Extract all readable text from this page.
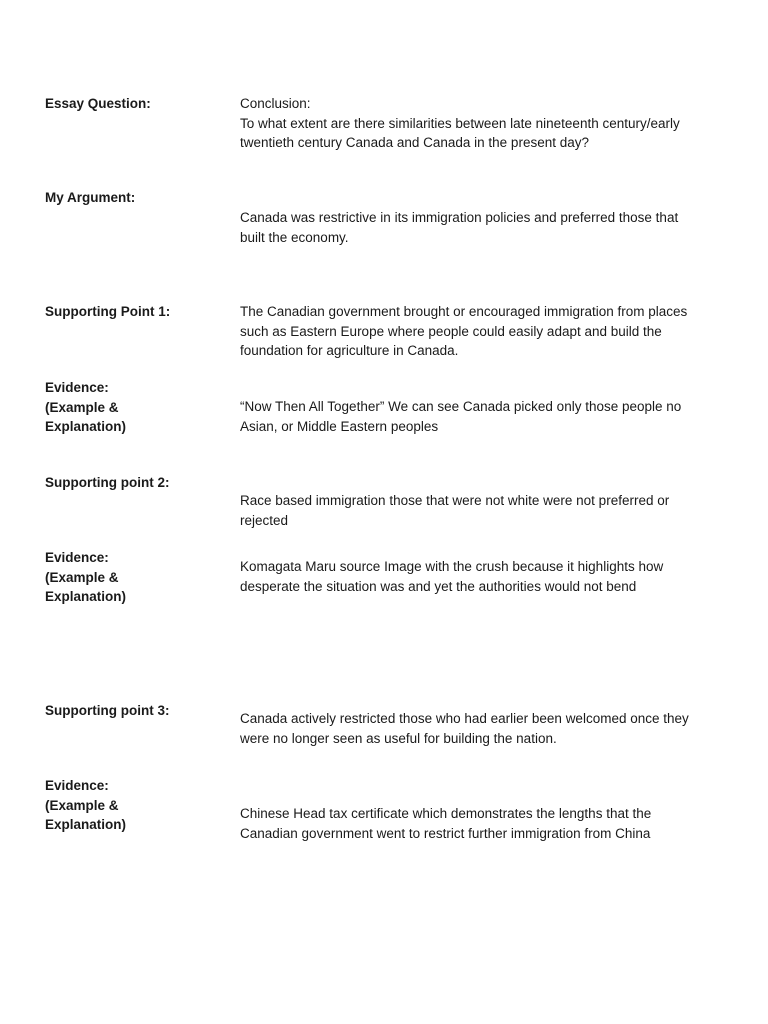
Essay Question:	Conclusion:
To what extent are there similarities between late nineteenth century/early twentieth century Canada and Canada in the present day?
My Argument:
Canada was restrictive in its immigration policies and preferred those that built the economy.
Supporting Point 1:	The Canadian government brought or encouraged immigration from places such as Eastern Europe where people could easily adapt and build the foundation for agriculture in Canada.
Evidence:
(Example &
Explanation)
“Now Then All Together” We can see Canada picked only those people no Asian, or Middle Eastern peoples
Supporting point 2:
Race based immigration those that were not white were not preferred or rejected
Evidence:
(Example &
Explanation)
Komagata Maru source Image with the crush because it highlights how desperate the situation was and yet the authorities would not bend
Supporting point 3:
Canada actively restricted those who had earlier been welcomed once they were no longer seen as useful for building the nation.
Evidence:
(Example &
Explanation)
Chinese Head tax certificate which demonstrates the lengths that the Canadian government went to restrict further immigration from China
